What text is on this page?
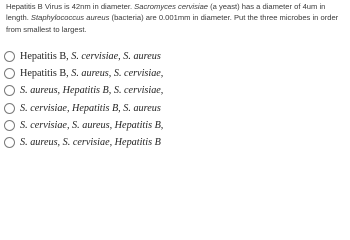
Hepatitis B Virus is 42nm in diameter. Sacromyces cervisiae (a yeast) has a diameter of 4um in length. Staphylococcus aureus (bacteria) are 0.001mm in diameter. Put the three microbes in order from smallest to largest.

Hepatitis B, S. cervisiae, S. aureus
Hepatitis B, S. aureus, S. cervisiae,
S. aureus, Hepatitis B, S. cervisiae,
S. cervisiae, Hepatitis B, S. aureus
S. cervisiae, S. aureus, Hepatitis B,
S. aureus, S. cervisiae, Hepatitis B
